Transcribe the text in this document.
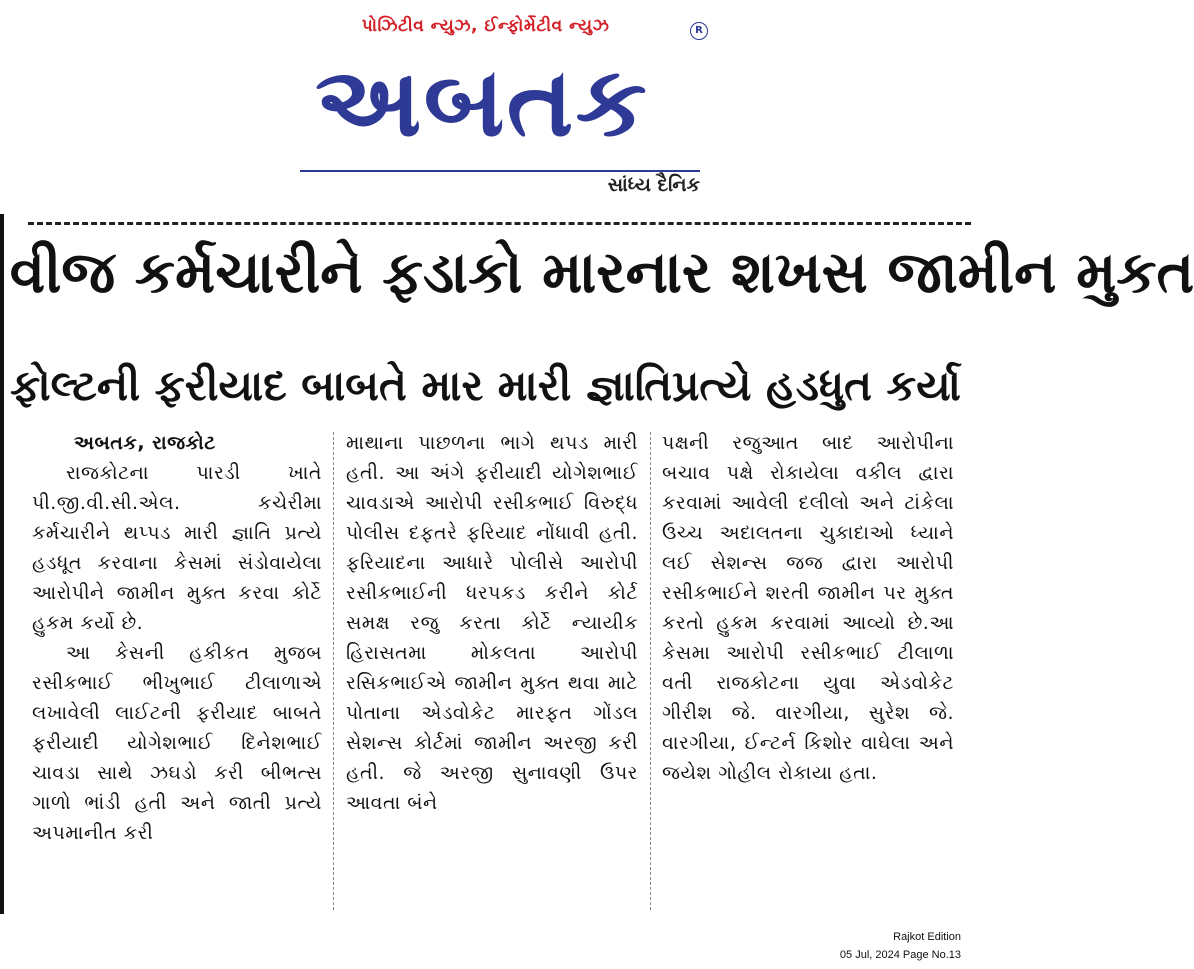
પોઝિટીવ ન્યુઝ, ઈન્ફોર્મેટીવ ન્યુઝ	R
અબતક
સાંધ્ય દૈનિક
વીજ કર્મચારીને ફડાકો મારનાર શખસ જામીન મુકત
ફોલ્ટની ફરીયાદ બાબતે માર મારી જ્ઞાતિપ્રત્યે હડધુત કર્યા
અબતક, રાજકોટ
રાજકોટના પારડી ખાતે પી.જી.વી.સી.એલ. કચેરીમા કર્મચારીને થપ્પડ મારી જ્ઞાતિ પ્રત્યે હડધૂત કરવાના કેસમાં સંડોવાયેલા આરોપીને જામીન મુક્ત કરવા કોર્ટે હુકમ કર્યો છે.
આ કેસની હકીકત મુજબ રસીકભાઈ ભીખુભાઈ ટીલાળાએ લખાવેલી લાઈટની ફરીયાદ બાબતે ફરીયાદી યોગેશભાઈ દિનેશભાઈ ચાવડા સાથે ઝઘડો કરી બીભત્સ ગાળો ભાંડી હતી અને જાતી પ્રત્યે અપમાનીત કરી
માથાના પાછળના ભાગે થપડ મારી હતી. આ અંગે ફરીયાદી યોગેશભાઈ ચાવડાએ આરોપી રસીકભાઈ વિરુદ્ધ પોલીસ દફતરે ફરિયાદ નોંધાવી હતી. ફરિયાદના આધારે પોલીસે આરોપી રસીકભાઈની ધરપકડ કરીને કોર્ટ સમક્ષ રજુ કરતા કોર્ટે ન્યાયીક હિરાસતમા મોકલતા આરોપી રસિકભાઈએ જામીન મુક્ત થવા માટે પોતાના એડવોકેટ મારફત ગોંડલ સેશન્સ કોર્ટમાં જામીન અરજી કરી હતી. જે અરજી સુનાવણી ઉપર આવતા બંને
પક્ષની રજુઆત બાદ આરોપીના બચાવ પક્ષે રોકાયેલા વકીલ દ્વારા કરવામાં આવેલી દલીલો અને ટાંકેલા ઉચ્ચ અદાલતના ચુકાદાઓ ધ્યાને લઈ સેશન્સ જજ દ્વારા આરોપી રસીકભાઈને શરતી જામીન પર મુક્ત કરતો હુકમ કરવામાં આવ્યો છે.આ કેસમા આરોપી રસીકભાઈ ટીલાળા વતી રાજકોટના યુવા એડવોકેટ ગીરીશ જે. વારગીયા, સુરેશ જે. વારગીયા, ઈન્ટર્ન કિશોર વાઘેલા અને જયેશ ગોહીલ રોકાયા હતા.
Rajkot Edition
05 Jul, 2024 Page No.13
